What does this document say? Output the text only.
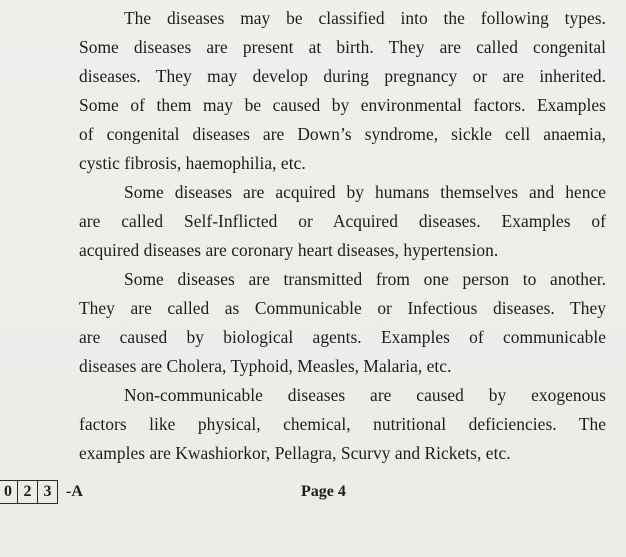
The diseases may be classified into the following types.
Some diseases are present at birth. They are called congenital
diseases. They may develop during pregnancy or are inherited.
Some of them may be caused by environmental factors. Examples
of congenital diseases are Down’s syndrome, sickle cell anaemia,
cystic fibrosis, haemophilia, etc.

Some diseases are acquired by humans themselves and hence
are called Self-Inflicted or Acquired diseases. Examples of
acquired diseases are coronary heart diseases, hypertension.

Some diseases are transmitted from one person to another.
They are called as Communicable or Infectious diseases. They
are caused by biological agents. Examples of communicable
diseases are Cholera, Typhoid, Measles, Malaria, etc.

Non-communicable diseases are caused by exogenous
factors like physical, chemical, nutritional deficiencies. The
examples are Kwashiorkor, Pellagra, Scurvy and Rickets, etc.

0 2 3 -A	Page 4
